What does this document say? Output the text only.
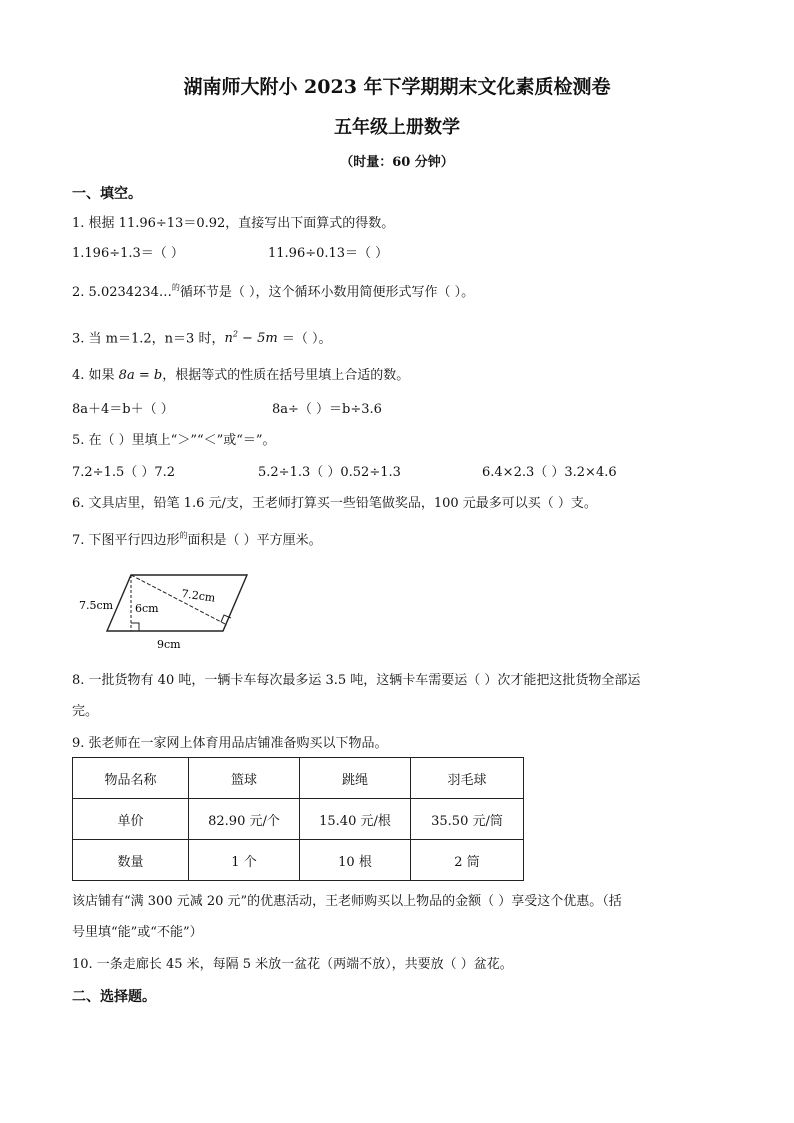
湖南师大附小 2023 年下学期期末文化素质检测卷
五年级上册数学
（时量：60 分钟）
一、填空。
1. 根据 11.96÷13＝0.92，直接写出下面算式的得数。
1.196÷1.3＝（ ）	11.96÷0.13＝（ ）
2. 5.0234234…$^的$循环节是（ ），这个循环小数用简便形式写作（ ）。
3. 当 m＝1.2，n＝3 时，$n^2 - 5m$ ＝（ ）。
4. 如果 8a = b，根据等式的性质在括号里填上合适的数。
8a＋4＝b＋（ ）	8a÷（ ）＝b÷3.6
5. 在（ ）里填上“＞”“＜”或“＝”。
7.2÷1.5（ ）7.2	5.2÷1.3（ ）0.52÷1.3	6.4×2.3（ ）3.2×4.6
6. 文具店里，铅笔 1.6 元/支，王老师打算买一些铅笔做奖品，100 元最多可以买（ ）支。
7. 下图平行四边形$^的$面积是（ ）平方厘米。
7.5cm 6cm
7.2cm
9cm
8. 一批货物有 40 吨，一辆卡车每次最多运 3.5 吨，这辆卡车需要运（ ）次才能把这批货物全部运
完。
9. 张老师在一家网上体育用品店铺准备购买以下物品。
物品名称	篮球	跳绳	羽毛球
单价	82.90 元/个	15.40 元/根	35.50 元/筒
数量	1 个	10 根	2 筒
该店铺有“满 300 元减 20 元”的优惠活动，王老师购买以上物品的金额（ ）享受这个优惠。（括
号里填“能”或“不能”）
10. 一条走廊长 45 米，每隔 5 米放一盆花（两端不放），共要放（ ）盆花。
二、选择题。
